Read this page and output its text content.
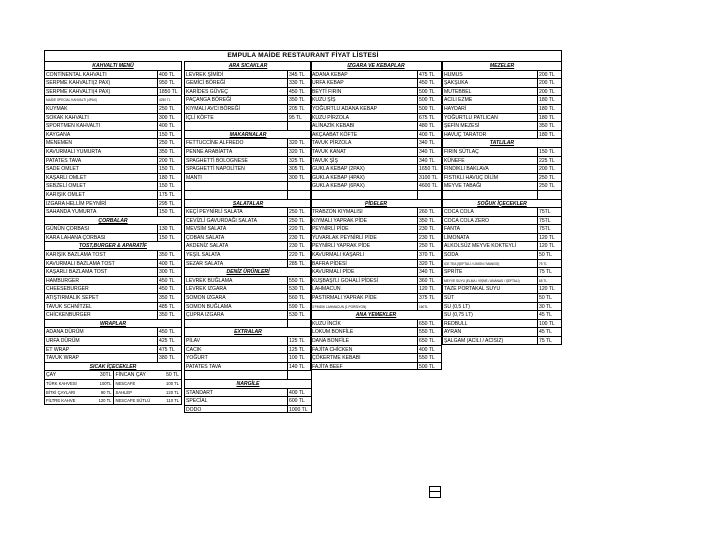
EMPULA MAİDE RESTAURANT FİYAT LİSTESİ
KAHVALTI MENÜ
CONTİNENTAL KAHVALTI	400 TL
SERPME KAHVALTI(2 PAX)	950 TL
SERPME KAHVALTI(4 PAX)	1850 TL
MAİDE SPECİAL KAHVALTI (4PAX)	4250 TL
KUYMAK	250 TL
SOKAK KAHVALTI	300 TL
SPORTMEN KAHVALTI	400 TL
KAYGANA	150 TL
MENEMEN	250 TL
KAVURMALI YUMURTA	350 TL
PATATES TAVA	200 TL
SADE OMLET	150 TL
KAŞARLI OMLET	180 TL
SEBZELİ OMLET	150 TL
KARIŞIK OMLET	175 TL
IZGARA HELLİM PEYNİRİ	295 TL
SAHANDA YUMURTA	150 TL
ÇORBALAR
GÜNÜN ÇORBASI	130 TL
KARA LAHANA ÇORBASI	150 TL
TOST,BURGER & APARATİF
KARIŞIK BAZLAMA TOST	350 TL
KAVURMALI BAZLAMA TOST	400 TL
KAŞARLI BAZLAMA TOST	300 TL
HAMBURGER	450 TL
CHEESEBURGER	450 TL
ATIŞTIRMALIK SEPET	350 TL
TAVUK SCHNİTZEL	485 TL
CHİCKENBURGER	350 TL
WRAPLAR
ADANA DÜRÜM	450 TL
URFA DÜRÜM	425 TL
ET WRAP	475 TL
TAVUK WRAP	380 TL
SICAK İÇECEKLER
ÇAY	30TL FİNCAN ÇAY	50 TL
TÜRK KAHVESİ	100TL NESCAFE	100 TL
BİTKİ ÇAYLARI	90 TL SAHLEP	120 TL
FİLTRE KAHVE	120 TL NESCAFE SÜTLÜ	110 TL
ARA SICAKLAR
LEVREK ŞİMİDİ	345 TL
GEMİCİ BÖREĞİ	330 TL
KARİDES GÜVEÇ	450 TL
PAÇANGA BÖREĞİ	350 TL
KIYMALI AVCI BÖREĞİ	205 TL
İÇLİ KÖFTE	95 TL
MAKARNALAR
FETTUCCİNE ALFREDO	320 TL
PENNE ARABİATTA	320 TL
SPAGHETTİ BOLOGNESE	325 TL
SPAGHETTİ NAPOLİTEN	305 TL
MANTI	300 TL
SALATALAR
KEÇİ PEYNİRLİ SALATA	250 TL
CEVİZLİ GAVURDAĞI SALATA	250 TL
MEVSİM SALATA	220 TL
ÇOBAN SALATA	230 TL
AKDENİZ SALATA	230 TL
YEŞİL SALATA	220 TL
SEZAR SALATA	285 TL
DENİZ ÜRÜNLERİ
LEVREK BUĞLAMA	550 TL
LEVREK IZGARA	530 TL
SOMON IZGARA	560 TL
SOMON BUĞLAMA	590 TL
ÇUPRA IZGARA	530 TL
EXTRALAR
PİLAV	125 TL
CACIK	125 TL
YOĞURT	100 TL
PATATES TAVA	140 TL
NARGİLE
STANDART	400 TL
SPECİAL	600 TL
DODO	1000 TL
IZGARA VE KEBAPLAR
ADANA KEBAP	475 TL
URFA KEBAP	450 TL
BEYTİ FIRIN	500 TL
KUZU ŞİŞ	500 TL
YOĞURTLU ADANA KEBAP	500 TL
KUZU PİRZOLA	675 TL
ALİNAZİK KEBABI	480 TL
AKÇAABAT KÖFTE	400 TL
TAVUK PİRZOLA	340 TL
TAVUK KANAT	340 TL
TAVUK ŞİŞ	340 TL
GUKLA KEBAP (2PAX)	1650 TL
GUKLA KEBAP (4PAX)	3100 TL
GUKLA KEBAP (6PAX)	4600 TL
PİDELER
TRABZON KIYMALISI	260 TL
KIYMALI YAPRAK PİDE	350 TL
PEYNİRLİ PİDE	230 TL
YUVARLAK PEYNİRLİ PİDE	230 TL
PEYNİRLİ YAPRAK PİDE	250 TL
KAVURMALI KAŞARLI	370 TL
BAFRA PİDESİ	320 TL
KAVURMALI PİDE	340 TL
KUŞBAŞI'LI GOHALİ PİDESİ	360 TL
LAHMACUN	120 TL
PASTIRMALI YAPRAK PİDE	375 TL
3 FINDIK LAHMACUN (1 PORSİYON)	160TL
ANA YEMEKLER
KUZU İNCİK	650 TL
LOKUM BONFİLE	550 TL
DANA BONFİLE	650 TL
FAJİTA CHİCKEN	400 TL
ÇÖKERTME KEBABI	550 TL
FAJİTA BEEF	500 TL
MEZELER
HUMUS	200 TL
ŞAKŞUKA	200 TL
MUTEBBEL	200 TL
ACILI EZME	180 TL
HAYDARİ	180 TL
YOĞURTLU PATLICAN	180 TL
ŞEFİN MEZESİ	350 TL
HAVUÇ TARATOR	180 TL
TATLILAR
FIRIN SÜTLAÇ	150 TL
KÜNEFE	225 TL
FINDIKLI BAKLAVA	200 TL
FISTIKLI HAVUÇ DİLİM	250 TL
MEYVE TABAĞI	250 TL
SOĞUK İÇECEKLER
COCA COLA	75TL
COCA COLA ZERO	75TL
FANTA	75TL
LİMONATA	120 TL
ALKOLSÜZ MEYVE KOKTEYLİ	120 TL
SODA	50 TL
ICE TEA (ŞEFTALİ / LİMON / MANGO)	75 TL
SPRİTE	75 TL
MEYVE SUYU (ELMA / VİŞNE / ANANAS / ŞEFTALİ)	65 TL
TAZE PORTAKAL SUYU	120 TL
SÜT	50 TL
SU (0,5 LT)	30 TL
SU (0,75 LT)	45 TL
REDBULL	100 TL
AYRAN	45 TL
ŞALGAM (ACILI / ACISIZ)	75 TL
